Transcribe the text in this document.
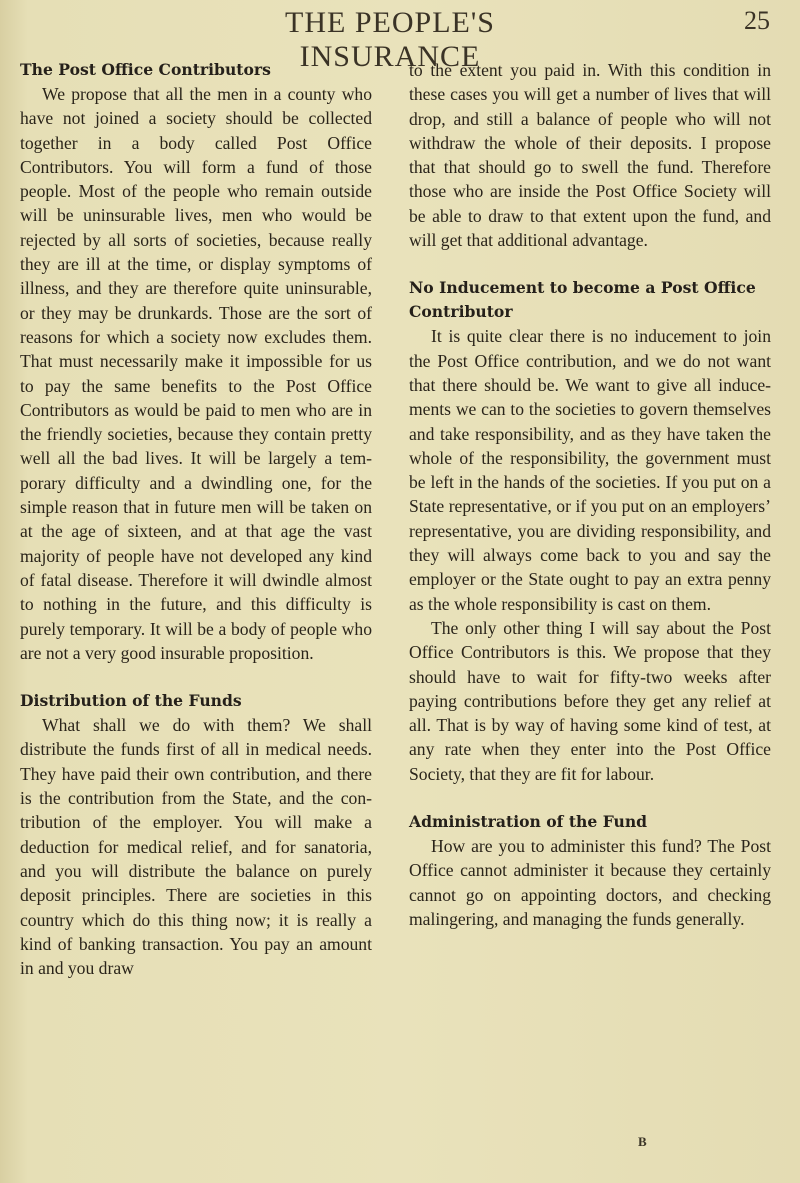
THE PEOPLE'S INSURANCE
25
The Post Office Contributors

We propose that all the men in a county who have not joined a society should be collected together in a body called Post Office Contributors. You will form a fund of those people. Most of the people who remain outside will be uninsurable lives, men who would be rejected by all sorts of societies, because really they are ill at the time, or display symptoms of illness, and they are therefore quite uninsurable, or they may be drunkards. Those are the sort of reasons for which a society now excludes them. That must necessarily make it impossible for us to pay the same benefits to the Post Office Contributors as would be paid to men who are in the friendly societies, because they contain pretty well all the bad lives. It will be largely a temporary difficulty and a dwindling one, for the simple reason that in future men will be taken on at the age of sixteen, and at that age the vast majority of people have not developed any kind of fatal disease. Therefore it will dwindle almost to nothing in the future, and this difficulty is purely temporary. It will be a body of people who are not a very good insurable proposition.

Distribution of the Funds

What shall we do with them? We shall distribute the funds first of all in medical needs. They have paid their own contribution, and there is the contribution from the State, and the contribution of the employer. You will make a deduction for medical relief, and for sanatoria, and you will distribute the balance on purely deposit principles. There are societies in this country which do this thing now; it is really a kind of banking transaction. You pay an amount in and you draw

to the extent you paid in. With this condition in these cases you will get a number of lives that will drop, and still a balance of people who will not withdraw the whole of their deposits. I propose that that should go to swell the fund. Therefore those who are inside the Post Office Society will be able to draw to that extent upon the fund, and will get that additional advantage.

No Inducement to become a Post Office Contributor

It is quite clear there is no inducement to join the Post Office contribution, and we do not want that there should be. We want to give all inducements we can to the societies to govern themselves and take responsibility, and as they have taken the whole of the responsibility, the government must be left in the hands of the societies. If you put on a State representative, or if you put on an employers’ representative, you are dividing responsibility, and they will always come back to you and say the employer or the State ought to pay an extra penny as the whole responsibility is cast on them.

The only other thing I will say about the Post Office Contributors is this. We propose that they should have to wait for fifty-two weeks after paying contributions before they get any relief at all. That is by way of having some kind of test, at any rate when they enter into the Post Office Society, that they are fit for labour.

Administration of the Fund

How are you to administer this fund? The Post Office cannot administer it because they certainly cannot go on appointing doctors, and checking malingering, and managing the funds generally.

B
